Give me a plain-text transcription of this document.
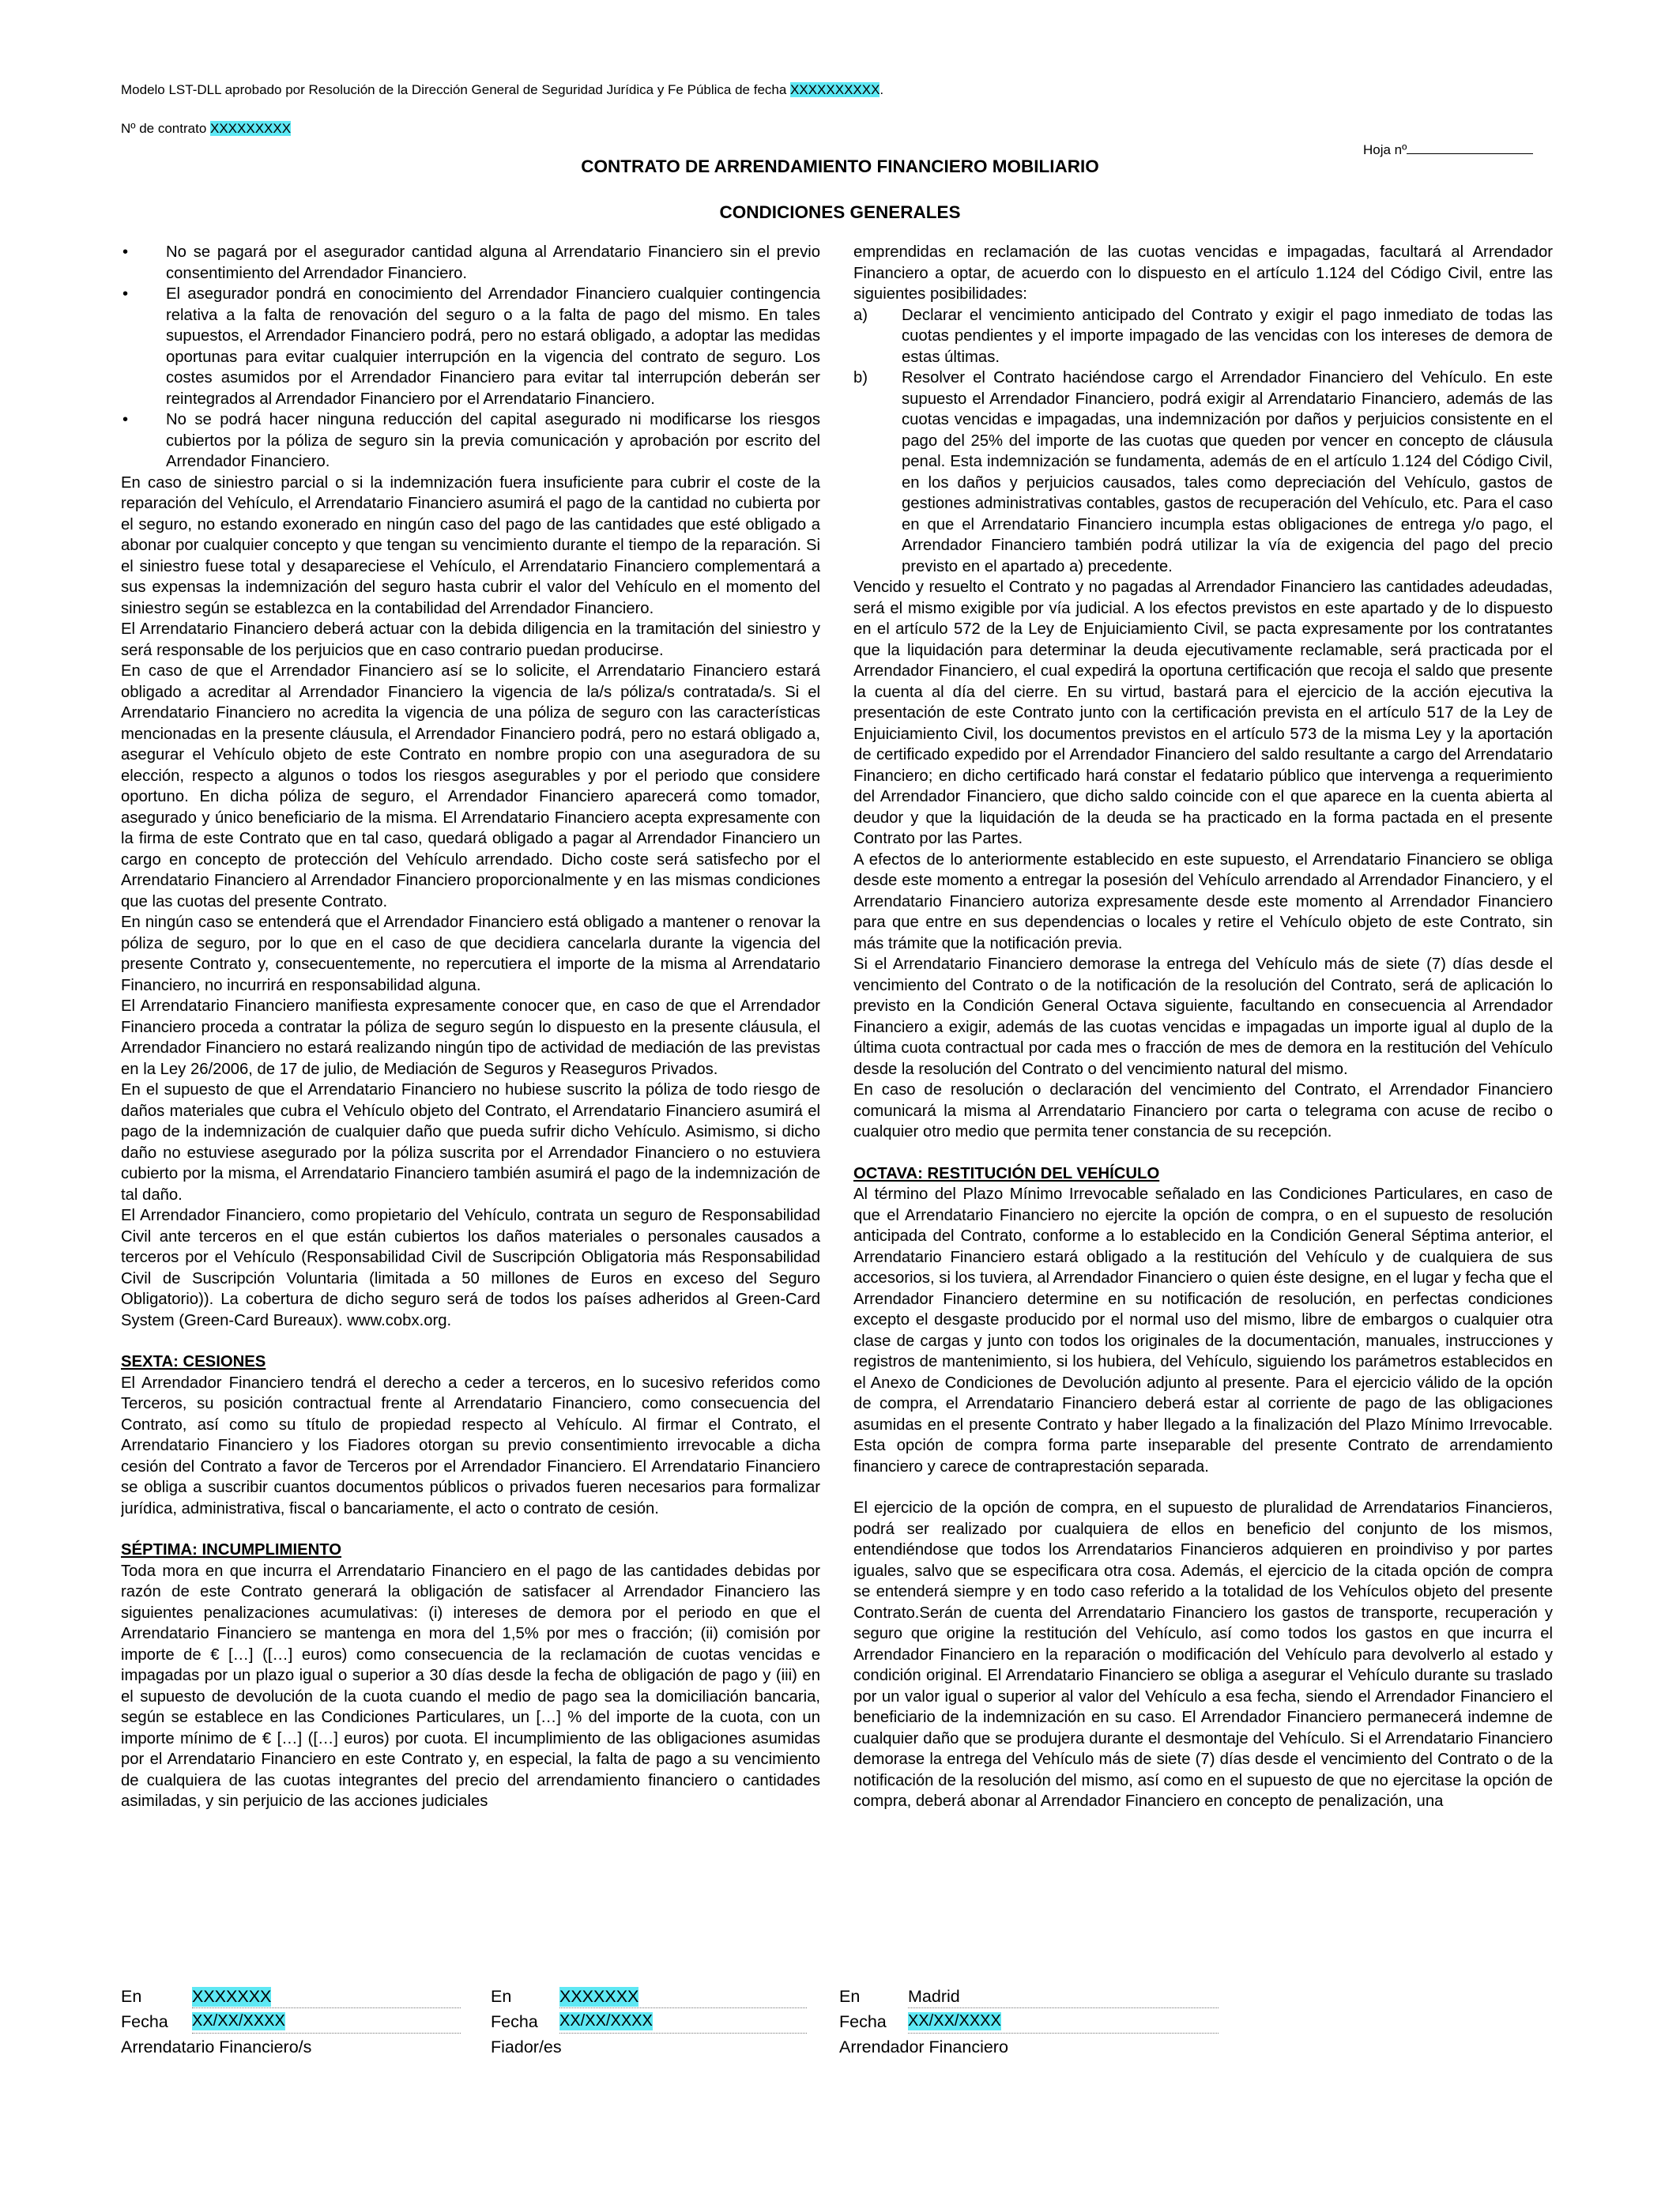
Modelo LST-DLL aprobado por Resolución de la Dirección General de Seguridad Jurídica y Fe Pública de fecha XXXXXXXXXX.
Nº de contrato XXXXXXXXX
Hoja nº
CONTRATO DE ARRENDAMIENTO FINANCIERO MOBILIARIO
CONDICIONES GENERALES
• No se pagará por el asegurador cantidad alguna al Arrendatario Financiero sin el previo consentimiento del Arrendador Financiero.
• El asegurador pondrá en conocimiento del Arrendador Financiero cualquier contingencia relativa a la falta de renovación del seguro o a la falta de pago del mismo. En tales supuestos, el Arrendador Financiero podrá, pero no estará obligado, a adoptar las medidas oportunas para evitar cualquier interrupción en la vigencia del contrato de seguro. Los costes asumidos por el Arrendador Financiero para evitar tal interrupción deberán ser reintegrados al Arrendador Financiero por el Arrendatario Financiero.
• No se podrá hacer ninguna reducción del capital asegurado ni modificarse los riesgos cubiertos por la póliza de seguro sin la previa comunicación y aprobación por escrito del Arrendador Financiero.

En caso de siniestro parcial o si la indemnización fuera insuficiente para cubrir el coste de la reparación del Vehículo, el Arrendatario Financiero asumirá el pago de la cantidad no cubierta por el seguro, no estando exonerado en ningún caso del pago de las cantidades que esté obligado a abonar por cualquier concepto y que tengan su vencimiento durante el tiempo de la reparación. Si el siniestro fuese total y desapareciese el Vehículo, el Arrendatario Financiero complementará a sus expensas la indemnización del seguro hasta cubrir el valor del Vehículo en el momento del siniestro según se establezca en la contabilidad del Arrendador Financiero.

El Arrendatario Financiero deberá actuar con la debida diligencia en la tramitación del siniestro y será responsable de los perjuicios que en caso contrario puedan producirse.

En caso de que el Arrendador Financiero así se lo solicite, el Arrendatario Financiero estará obligado a acreditar al Arrendador Financiero la vigencia de la/s póliza/s contratada/s. Si el Arrendatario Financiero no acredita la vigencia de una póliza de seguro con las características mencionadas en la presente cláusula, el Arrendador Financiero podrá, pero no estará obligado a, asegurar el Vehículo objeto de este Contrato en nombre propio con una aseguradora de su elección, respecto a algunos o todos los riesgos asegurables y por el periodo que considere oportuno. En dicha póliza de seguro, el Arrendador Financiero aparecerá como tomador, asegurado y único beneficiario de la misma. El Arrendatario Financiero acepta expresamente con la firma de este Contrato que en tal caso, quedará obligado a pagar al Arrendador Financiero un cargo en concepto de protección del Vehículo arrendado. Dicho coste será satisfecho por el Arrendatario Financiero al Arrendador Financiero proporcionalmente y en las mismas condiciones que las cuotas del presente Contrato.

En ningún caso se entenderá que el Arrendador Financiero está obligado a mantener o renovar la póliza de seguro, por lo que en el caso de que decidiera cancelarla durante la vigencia del presente Contrato y, consecuentemente, no repercutiera el importe de la misma al Arrendatario Financiero, no incurrirá en responsabilidad alguna.

El Arrendatario Financiero manifiesta expresamente conocer que, en caso de que el Arrendador Financiero proceda a contratar la póliza de seguro según lo dispuesto en la presente cláusula, el Arrendador Financiero no estará realizando ningún tipo de actividad de mediación de las previstas en la Ley 26/2006, de 17 de julio, de Mediación de Seguros y Reaseguros Privados.

En el supuesto de que el Arrendatario Financiero no hubiese suscrito la póliza de todo riesgo de daños materiales que cubra el Vehículo objeto del Contrato, el Arrendatario Financiero asumirá el pago de la indemnización de cualquier daño que pueda sufrir dicho Vehículo. Asimismo, si dicho daño no estuviese asegurado por la póliza suscrita por el Arrendador Financiero o no estuviera cubierto por la misma, el Arrendatario Financiero también asumirá el pago de la indemnización de tal daño.

El Arrendador Financiero, como propietario del Vehículo, contrata un seguro de Responsabilidad Civil ante terceros en el que están cubiertos los daños materiales o personales causados a terceros por el Vehículo (Responsabilidad Civil de Suscripción Obligatoria más Responsabilidad Civil de Suscripción Voluntaria (limitada a 50 millones de Euros en exceso del Seguro Obligatorio)). La cobertura de dicho seguro será de todos los países adheridos al Green-Card System (Green-Card Bureaux). www.cobx.org.

SEXTA: CESIONES

El Arrendador Financiero tendrá el derecho a ceder a terceros, en lo sucesivo referidos como Terceros, su posición contractual frente al Arrendatario Financiero, como consecuencia del Contrato, así como su título de propiedad respecto al Vehículo. Al firmar el Contrato, el Arrendatario Financiero y los Fiadores otorgan su previo consentimiento irrevocable a dicha cesión del Contrato a favor de Terceros por el Arrendador Financiero. El Arrendatario Financiero se obliga a suscribir cuantos documentos públicos o privados fueren necesarios para formalizar jurídica, administrativa, fiscal o bancariamente, el acto o contrato de cesión.

SÉPTIMA: INCUMPLIMIENTO

Toda mora en que incurra el Arrendatario Financiero en el pago de las cantidades debidas por razón de este Contrato generará la obligación de satisfacer al Arrendador Financiero las siguientes penalizaciones acumulativas: (i) intereses de demora por el periodo en que el Arrendatario Financiero se mantenga en mora del 1,5% por mes o fracción; (ii) comisión por importe de € […] ([…] euros) como consecuencia de la reclamación de cuotas vencidas e impagadas por un plazo igual o superior a 30 días desde la fecha de obligación de pago y (iii) en el supuesto de devolución de la cuota cuando el medio de pago sea la domiciliación bancaria, según se establece en las Condiciones Particulares, un […] % del importe de la cuota, con un importe mínimo de € […] ([…] euros) por cuota. El incumplimiento de las obligaciones asumidas por el Arrendatario Financiero en este Contrato y, en especial, la falta de pago a su vencimiento de cualquiera de las cuotas integrantes del precio del arrendamiento financiero o cantidades asimiladas, y sin perjuicio de las acciones judiciales

emprendidas en reclamación de las cuotas vencidas e impagadas, facultará al Arrendador Financiero a optar, de acuerdo con lo dispuesto en el artículo 1.124 del Código Civil, entre las siguientes posibilidades:

a) Declarar el vencimiento anticipado del Contrato y exigir el pago inmediato de todas las cuotas pendientes y el importe impagado de las vencidas con los intereses de demora de estas últimas.
b) Resolver el Contrato haciéndose cargo el Arrendador Financiero del Vehículo. En este supuesto el Arrendador Financiero, podrá exigir al Arrendatario Financiero, además de las cuotas vencidas e impagadas, una indemnización por daños y perjuicios consistente en el pago del 25% del importe de las cuotas que queden por vencer en concepto de cláusula penal. Esta indemnización se fundamenta, además de en el artículo 1.124 del Código Civil, en los daños y perjuicios causados, tales como depreciación del Vehículo, gastos de gestiones administrativas contables, gastos de recuperación del Vehículo, etc. Para el caso en que el Arrendatario Financiero incumpla estas obligaciones de entrega y/o pago, el Arrendador Financiero también podrá utilizar la vía de exigencia del pago del precio previsto en el apartado a) precedente.

Vencido y resuelto el Contrato y no pagadas al Arrendador Financiero las cantidades adeudadas, será el mismo exigible por vía judicial. A los efectos previstos en este apartado y de lo dispuesto en el artículo 572 de la Ley de Enjuiciamiento Civil, se pacta expresamente por los contratantes que la liquidación para determinar la deuda ejecutivamente reclamable, será practicada por el Arrendador Financiero, el cual expedirá la oportuna certificación que recoja el saldo que presente la cuenta al día del cierre. En su virtud, bastará para el ejercicio de la acción ejecutiva la presentación de este Contrato junto con la certificación prevista en el artículo 517 de la Ley de Enjuiciamiento Civil, los documentos previstos en el artículo 573 de la misma Ley y la aportación de certificado expedido por el Arrendador Financiero del saldo resultante a cargo del Arrendatario Financiero; en dicho certificado hará constar el fedatario público que intervenga a requerimiento del Arrendador Financiero, que dicho saldo coincide con el que aparece en la cuenta abierta al deudor y que la liquidación de la deuda se ha practicado en la forma pactada en el presente Contrato por las Partes.

A efectos de lo anteriormente establecido en este supuesto, el Arrendatario Financiero se obliga desde este momento a entregar la posesión del Vehículo arrendado al Arrendador Financiero, y el Arrendatario Financiero autoriza expresamente desde este momento al Arrendador Financiero para que entre en sus dependencias o locales y retire el Vehículo objeto de este Contrato, sin más trámite que la notificación previa.

Si el Arrendatario Financiero demorase la entrega del Vehículo más de siete (7) días desde el vencimiento del Contrato o de la notificación de la resolución del Contrato, será de aplicación lo previsto en la Condición General Octava siguiente, facultando en consecuencia al Arrendador Financiero a exigir, además de las cuotas vencidas e impagadas un importe igual al duplo de la última cuota contractual por cada mes o fracción de mes de demora en la restitución del Vehículo desde la resolución del Contrato o del vencimiento natural del mismo.

En caso de resolución o declaración del vencimiento del Contrato, el Arrendador Financiero comunicará la misma al Arrendatario Financiero por carta o telegrama con acuse de recibo o cualquier otro medio que permita tener constancia de su recepción.

OCTAVA: RESTITUCIÓN DEL VEHÍCULO

Al término del Plazo Mínimo Irrevocable señalado en las Condiciones Particulares, en caso de que el Arrendatario Financiero no ejercite la opción de compra, o en el supuesto de resolución anticipada del Contrato, conforme a lo establecido en la Condición General Séptima anterior, el Arrendatario Financiero estará obligado a la restitución del Vehículo y de cualquiera de sus accesorios, si los tuviera, al Arrendador Financiero o quien éste designe, en el lugar y fecha que el Arrendador Financiero determine en su notificación de resolución, en perfectas condiciones excepto el desgaste producido por el normal uso del mismo, libre de embargos o cualquier otra clase de cargas y junto con todos los originales de la documentación, manuales, instrucciones y registros de mantenimiento, si los hubiera, del Vehículo, siguiendo los parámetros establecidos en el Anexo de Condiciones de Devolución adjunto al presente. Para el ejercicio válido de la opción de compra, el Arrendatario Financiero deberá estar al corriente de pago de las obligaciones asumidas en el presente Contrato y haber llegado a la finalización del Plazo Mínimo Irrevocable. Esta opción de compra forma parte inseparable del presente Contrato de arrendamiento financiero y carece de contraprestación separada.

El ejercicio de la opción de compra, en el supuesto de pluralidad de Arrendatarios Financieros, podrá ser realizado por cualquiera de ellos en beneficio del conjunto de los mismos, entendiéndose que todos los Arrendatarios Financieros adquieren en proindiviso y por partes iguales, salvo que se especificara otra cosa. Además, el ejercicio de la citada opción de compra se entenderá siempre y en todo caso referido a la totalidad de los Vehículos objeto del presente Contrato.Serán de cuenta del Arrendatario Financiero los gastos de transporte, recuperación y seguro que origine la restitución del Vehículo, así como todos los gastos en que incurra el Arrendador Financiero en la reparación o modificación del Vehículo para devolverlo al estado y condición original. El Arrendatario Financiero se obliga a asegurar el Vehículo durante su traslado por un valor igual o superior al valor del Vehículo a esa fecha, siendo el Arrendador Financiero el beneficiario de la indemnización en su caso. El Arrendador Financiero permanecerá indemne de cualquier daño que se produjera durante el desmontaje del Vehículo. Si el Arrendatario Financiero demorase la entrega del Vehículo más de siete (7) días desde el vencimiento del Contrato o de la notificación de la resolución del mismo, así como en el supuesto de que no ejercitase la opción de compra, deberá abonar al Arrendador Financiero en concepto de penalización, una

En	XXXXXXX
Fecha XX/XX/XXXX
Arrendatario Financiero/s
En	XXXXXXX
Fecha XX/XX/XXXX
Fiador/es
En	Madrid
Fecha XX/XX/XXXX
Arrendador Financiero
